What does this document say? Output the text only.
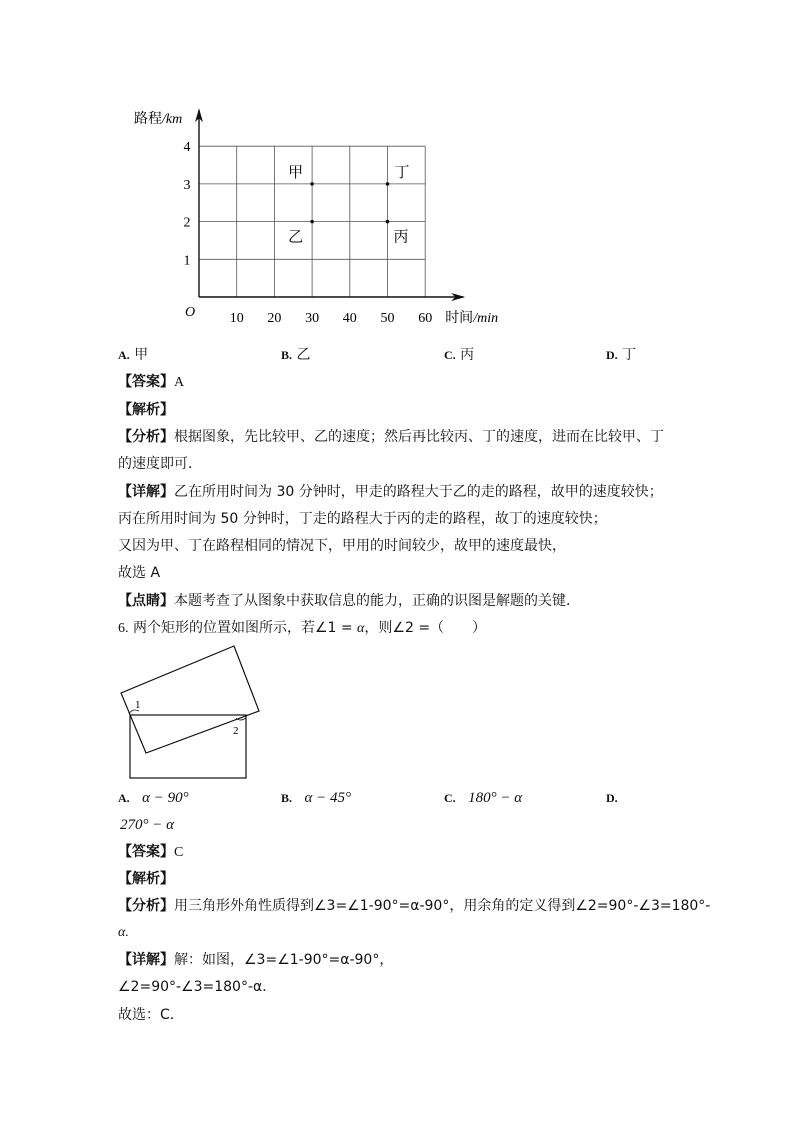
10 20 30 40 50 60
1
2
3
4
O	时间/min
路程/km
甲
乙	丙
丁
A. 甲	B. 乙	C. 丙	D. 丁
【答案】A
【解析】
【分析】根据图象，先比较甲、乙的速度；然后再比较丙、丁的速度，进而在比较甲、丁
的速度即可．
【详解】乙在所用时间为 30 分钟时，甲走的路程大于乙的走的路程，故甲的速度较快；
丙在所用时间为 50 分钟时，丁走的路程大于丙的走的路程，故丁的速度较快；
又因为甲、丁在路程相同的情况下，甲用的时间较少，故甲的速度最快，
故选 A
【点睛】本题考查了从图象中获取信息的能力，正确的识图是解题的关键．
6. 两个矩形的位置如图所示，若∠1 = α，则∠2 =（　　）
1
2
A. α − 90°	B. α − 45°	C. 180° − α	D.
270° − α
【答案】C
【解析】
【分析】用三角形外角性质得到∠3=∠1-90°=α-90°，用余角的定义得到∠2=90°-∠3=180°-
α.
【详解】解：如图，∠3=∠1-90°=α-90°，
∠2=90°-∠3=180°-α．
故选：C．
